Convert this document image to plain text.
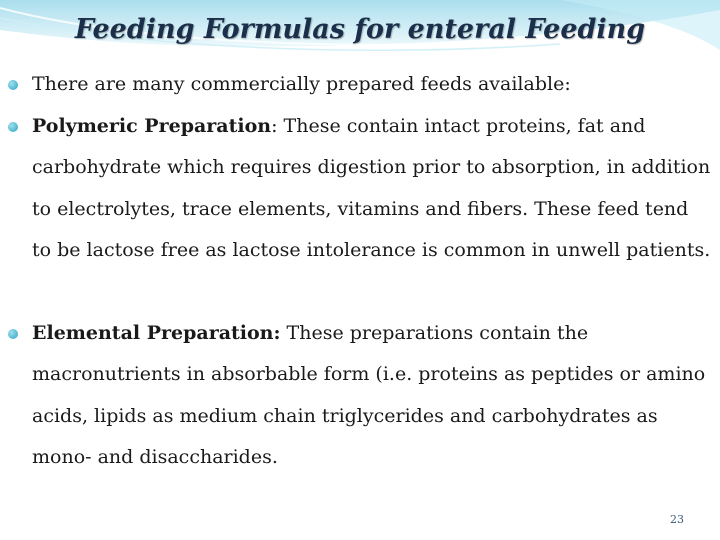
Feeding Formulas for enteral Feeding
There are many commercially prepared feeds available:
Polymeric Preparation: These contain intact proteins, fat and carbohydrate which requires digestion prior to absorption, in addition to electrolytes, trace elements, vitamins and fibers. These feed tend to be lactose free as lactose intolerance is common in unwell patients.
Elemental Preparation: These preparations contain the macronutrients in absorbable form (i.e. proteins as peptides or amino acids, lipids as medium chain triglycerides and carbohydrates as mono- and disaccharides.
23
